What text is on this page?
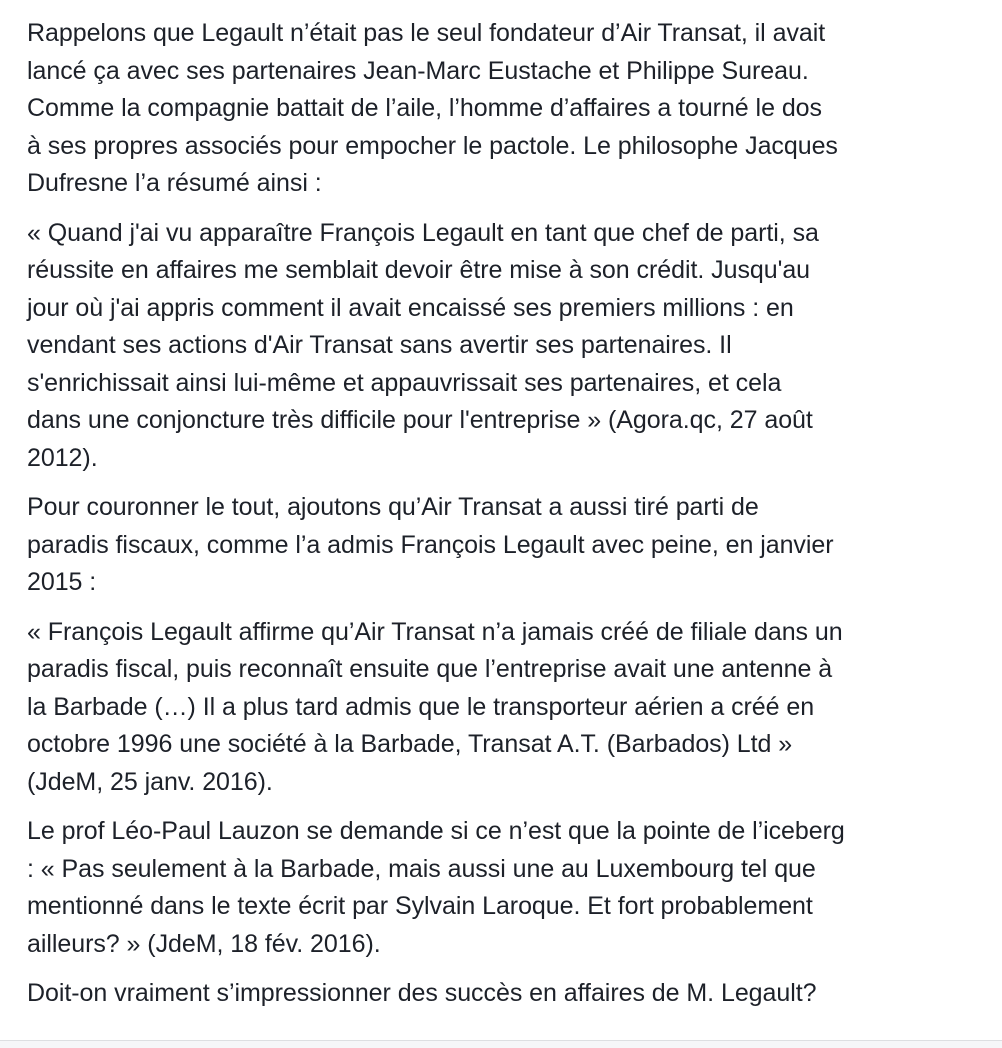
Rappelons que Legault n’était pas le seul fondateur d’Air Transat, il avait
lancé ça avec ses partenaires Jean-Marc Eustache et Philippe Sureau.
Comme la compagnie battait de l’aile, l’homme d’affaires a tourné le dos
à ses propres associés pour empocher le pactole. Le philosophe Jacques
Dufresne l’a résumé ainsi :

« Quand j'ai vu apparaître François Legault en tant que chef de parti, sa
réussite en affaires me semblait devoir être mise à son crédit. Jusqu'au
jour où j'ai appris comment il avait encaissé ses premiers millions : en
vendant ses actions d'Air Transat sans avertir ses partenaires. Il
s'enrichissait ainsi lui-même et appauvrissait ses partenaires, et cela
dans une conjoncture très difficile pour l'entreprise » (Agora.qc, 27 août
2012).

Pour couronner le tout, ajoutons qu’Air Transat a aussi tiré parti de
paradis fiscaux, comme l’a admis François Legault avec peine, en janvier
2015 :

« François Legault affirme qu’Air Transat n’a jamais créé de filiale dans un
paradis fiscal, puis reconnaît ensuite que l’entreprise avait une antenne à
la Barbade (…) Il a plus tard admis que le transporteur aérien a créé en
octobre 1996 une société à la Barbade, Transat A.T. (Barbados) Ltd »
(JdeM, 25 janv. 2016).

Le prof Léo-Paul Lauzon se demande si ce n’est que la pointe de l’iceberg
: « Pas seulement à la Barbade, mais aussi une au Luxembourg tel que
mentionné dans le texte écrit par Sylvain Laroque. Et fort probablement
ailleurs? » (JdeM, 18 fév. 2016).

Doit-on vraiment s’impressionner des succès en affaires de M. Legault?
